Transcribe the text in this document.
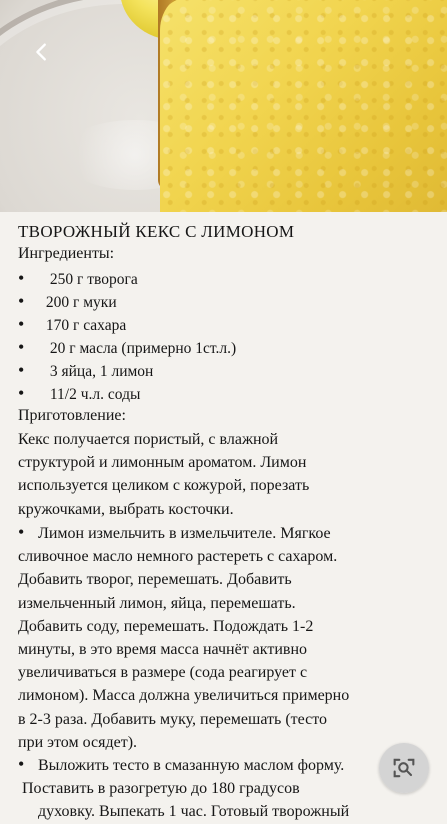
ТВОРОЖНЫЙ КЕКС С ЛИМОНОМ
Ингредиенты:
• 250 г творога
• 200 г муки
• 170 г сахара
• 20 г масла (примерно 1ст.л.)
• 3 яйца, 1 лимон
• 11/2 ч.л. соды
Приготовление:
Кекс получается пористый, с влажной
структурой и лимонным ароматом. Лимон
используется целиком с кожурой, порезать
кружочками, выбрать косточки.
• Лимон измельчить в измельчителе. Мягкое
сливочное масло немного растереть с сахаром.
Добавить творог, перемешать. Добавить
измельченный лимон, яйца, перемешать.
Добавить соду, перемешать. Подождать 1-2
минуты, в это время масса начнёт активно
увеличиваться в размере (сода реагирует с
лимоном). Масса должна увеличиться примерно
в 2-3 раза. Добавить муку, перемешать (тесто
при этом осядет).
• Выложить тесто в смазанную маслом форму.
Поставить в разогретую до 180 градусов
духовку. Выпекать 1 час. Готовый творожный
